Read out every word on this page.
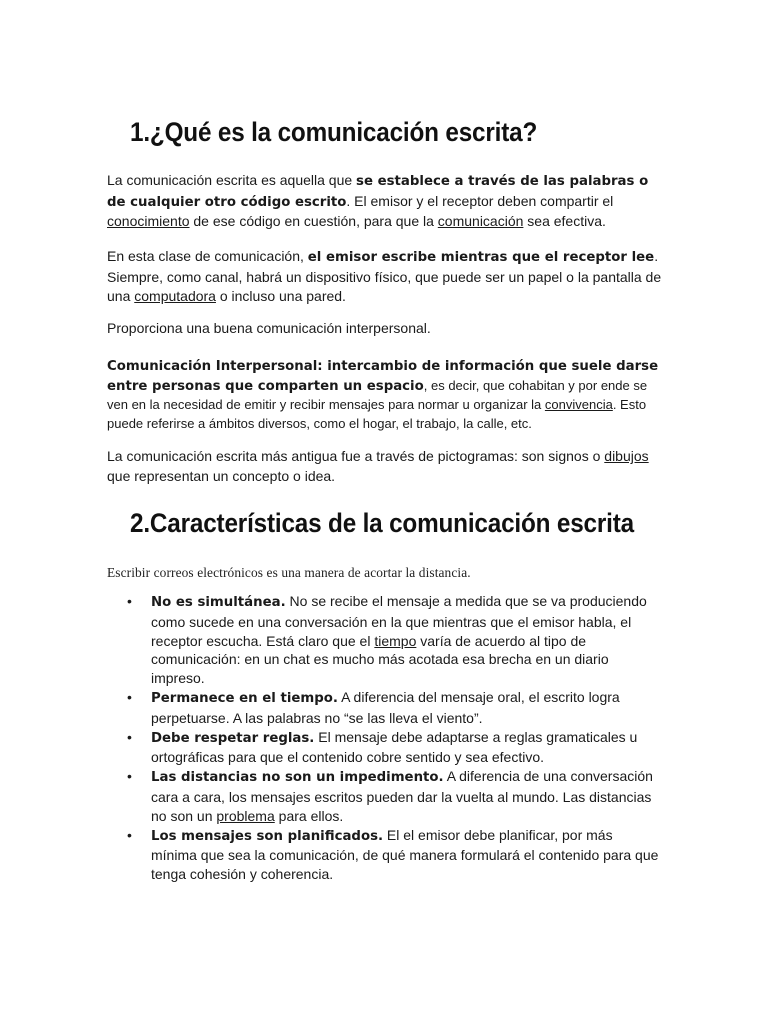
1.¿Qué es la comunicación escrita?
La comunicación escrita es aquella que se establece a través de las palabras o de cualquier otro código escrito. El emisor y el receptor deben compartir el conocimiento de ese código en cuestión, para que la comunicación sea efectiva.
En esta clase de comunicación, el emisor escribe mientras que el receptor lee. Siempre, como canal, habrá un dispositivo físico, que puede ser un papel o la pantalla de una computadora o incluso una pared.
Proporciona una buena comunicación interpersonal.
Comunicación Interpersonal: intercambio de información que suele darse entre personas que comparten un espacio, es decir, que cohabitan y por ende se ven en la necesidad de emitir y recibir mensajes para normar u organizar la convivencia. Esto puede referirse a ámbitos diversos, como el hogar, el trabajo, la calle, etc.
La comunicación escrita más antigua fue a través de pictogramas: son signos o dibujos que representan un concepto o idea.
2.Características de la comunicación escrita
Escribir correos electrónicos es una manera de acortar la distancia.
• No es simultánea. No se recibe el mensaje a medida que se va produciendo como sucede en una conversación en la que mientras que el emisor habla, el receptor escucha. Está claro que el tiempo varía de acuerdo al tipo de comunicación: en un chat es mucho más acotada esa brecha en un diario impreso.
• Permanece en el tiempo. A diferencia del mensaje oral, el escrito logra perpetuarse. A las palabras no “se las lleva el viento”.
• Debe respetar reglas. El mensaje debe adaptarse a reglas gramaticales u ortográficas para que el contenido cobre sentido y sea efectivo.
• Las distancias no son un impedimento. A diferencia de una conversación cara a cara, los mensajes escritos pueden dar la vuelta al mundo. Las distancias no son un problema para ellos.
• Los mensajes son planificados. El el emisor debe planificar, por más mínima que sea la comunicación, de qué manera formulará el contenido para que tenga cohesión y coherencia.
